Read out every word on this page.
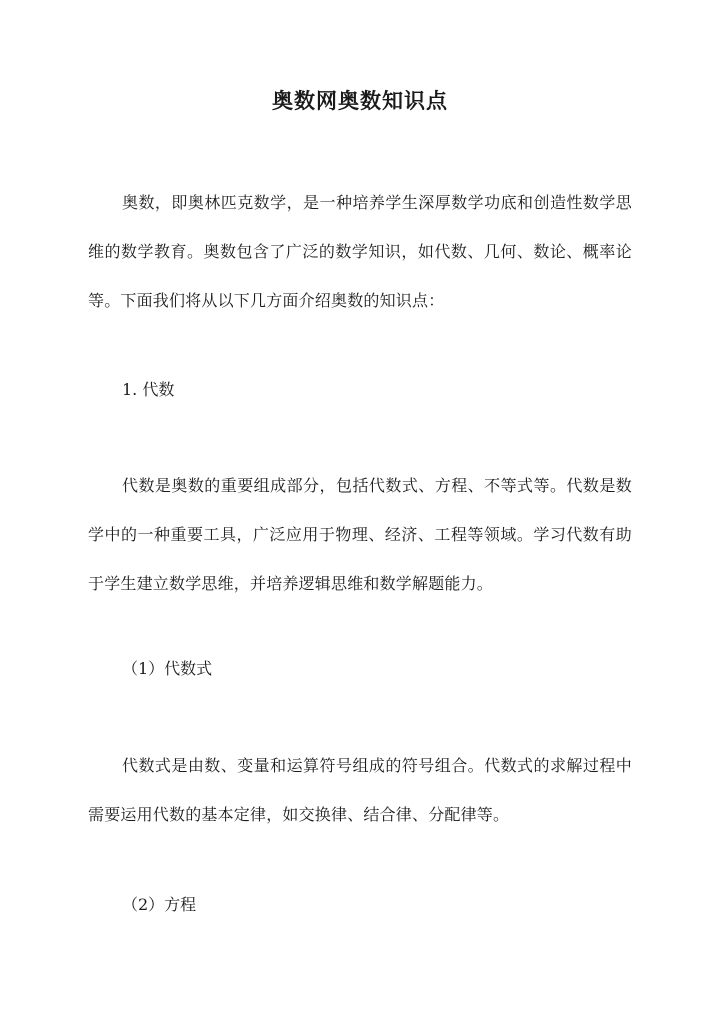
奥数网奥数知识点
奥数，即奥林匹克数学，是一种培养学生深厚数学功底和创造性数学思维的数学教育。奥数包含了广泛的数学知识，如代数、几何、数论、概率论等。下面我们将从以下几方面介绍奥数的知识点：
1. 代数
代数是奥数的重要组成部分，包括代数式、方程、不等式等。代数是数学中的一种重要工具，广泛应用于物理、经济、工程等领域。学习代数有助于学生建立数学思维，并培养逻辑思维和数学解题能力。
（1）代数式
代数式是由数、变量和运算符号组成的符号组合。代数式的求解过程中需要运用代数的基本定律，如交换律、结合律、分配律等。
（2）方程
